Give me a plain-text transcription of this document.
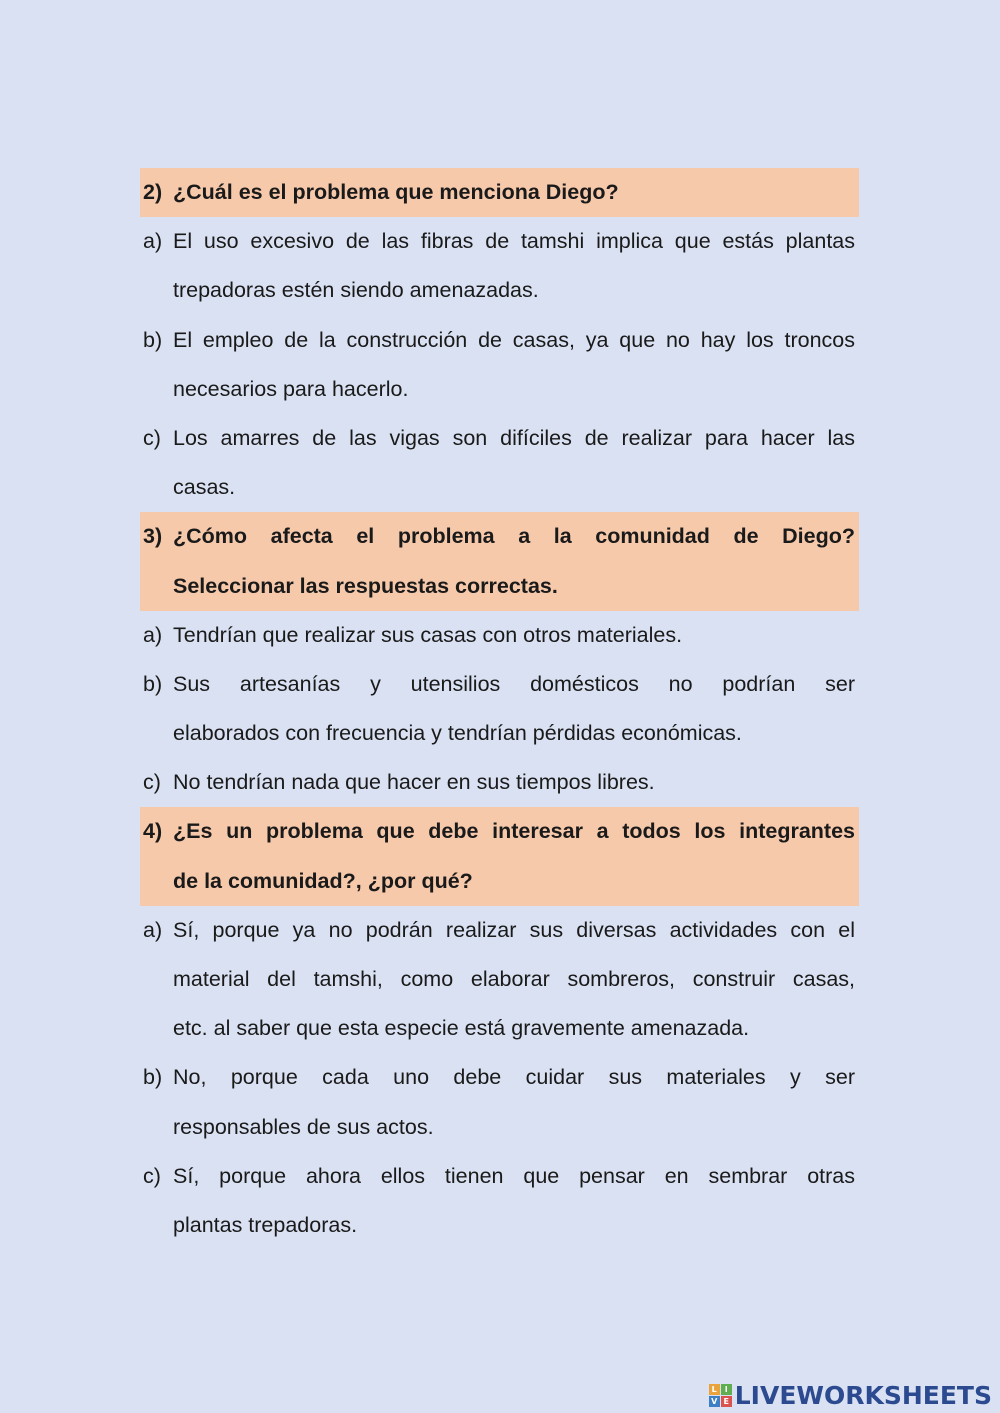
2) ¿Cuál es el problema que menciona Diego?
a) El uso excesivo de las fibras de tamshi implica que estás plantas
trepadoras estén siendo amenazadas.
b) El empleo de la construcción de casas, ya que no hay los troncos
necesarios para hacerlo.
c) Los amarres de las vigas son difíciles de realizar para hacer las
casas.
3) ¿Cómo afecta el problema a la comunidad de Diego?
Seleccionar las respuestas correctas.
a) Tendrían que realizar sus casas con otros materiales.
b) Sus artesanías y utensilios domésticos no podrían ser
elaborados con frecuencia y tendrían pérdidas económicas.
c) No tendrían nada que hacer en sus tiempos libres.
4) ¿Es un problema que debe interesar a todos los integrantes
de la comunidad?, ¿por qué?
a) Sí, porque ya no podrán realizar sus diversas actividades con el
material del tamshi, como elaborar sombreros, construir casas,
etc. al saber que esta especie está gravemente amenazada.
b) No, porque cada uno debe cuidar sus materiales y ser
responsables de sus actos.
c) Sí, porque ahora ellos tienen que pensar en sembrar otras
plantas trepadoras.
L I
V E LIVEWORKSHEETS
